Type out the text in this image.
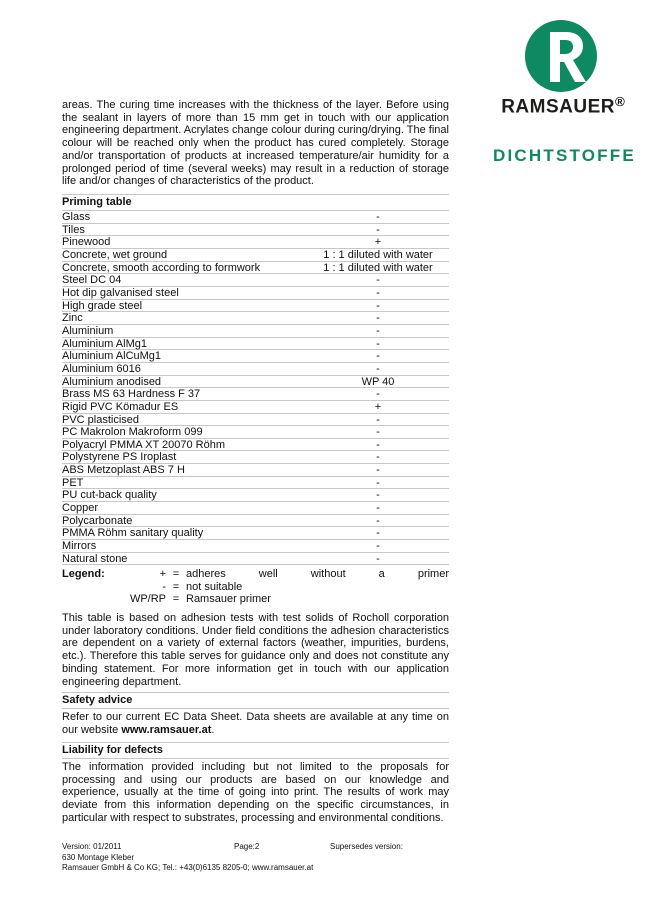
RAMSAUER®
DICHTSTOFFE

areas. The curing time increases with the thickness of the layer. Before using the sealant in layers of more than 15 mm get in touch with our application engineering department. Acrylates change colour during curing/drying. The final colour will be reached only when the product has cured completely. Storage and/or transportation of products at increased temperature/air humidity for a prolonged period of time (several weeks) may result in a reduction of storage life and/or changes of characteristics of the product.

Priming table
Glass	-
Tiles	-
Pinewood	+
Concrete, wet ground	1 : 1 diluted with water
Concrete, smooth according to formwork	1 : 1 diluted with water
Steel DC 04	-
Hot dip galvanised steel	-
High grade steel	-
Zinc	-
Aluminium	-
Aluminium AlMg1	-
Aluminium AlCuMg1	-
Aluminium 6016	-
Aluminium anodised	WP 40
Brass MS 63 Hardness F 37	-
Rigid PVC Kömadur ES	+
PVC plasticised	-
PC Makrolon Makroform 099	-
Polyacryl PMMA XT 20070 Röhm	-
Polystyrene PS Iroplast	-
ABS Metzoplast ABS 7 H	-
PET	-
PU cut-back quality	-
Copper	-
Polycarbonate	-
PMMA Röhm sanitary quality	-
Mirrors	-
Natural stone	-
Legend:	+ = adheres	well	without	a	primer
- = not suitable
WP/RP = Ramsauer primer

This table is based on adhesion tests with test solids of Rocholl corporation under laboratory conditions. Under field conditions the adhesion characteristics are dependent on a variety of external factors (weather, impurities, burdens, etc.). Therefore this table serves for guidance only and does not constitute any binding statement. For more information get in touch with our application engineering department.

Safety advice

Refer to our current EC Data Sheet. Data sheets are available at any time on our website www.ramsauer.at.

Liability for defects

The information provided including but not limited to the proposals for processing and using our products are based on our knowledge and experience, usually at the time of going into print. The results of work may deviate from this information depending on the specific circumstances, in particular with respect to substrates, processing and environmental conditions.

Version: 01/2011	Page:2	Supersedes version:
630 Montage Kleber
Ramsauer GmbH & Co KG; Tel.: +43(0)6135 8205-0; www.ramsauer.at
